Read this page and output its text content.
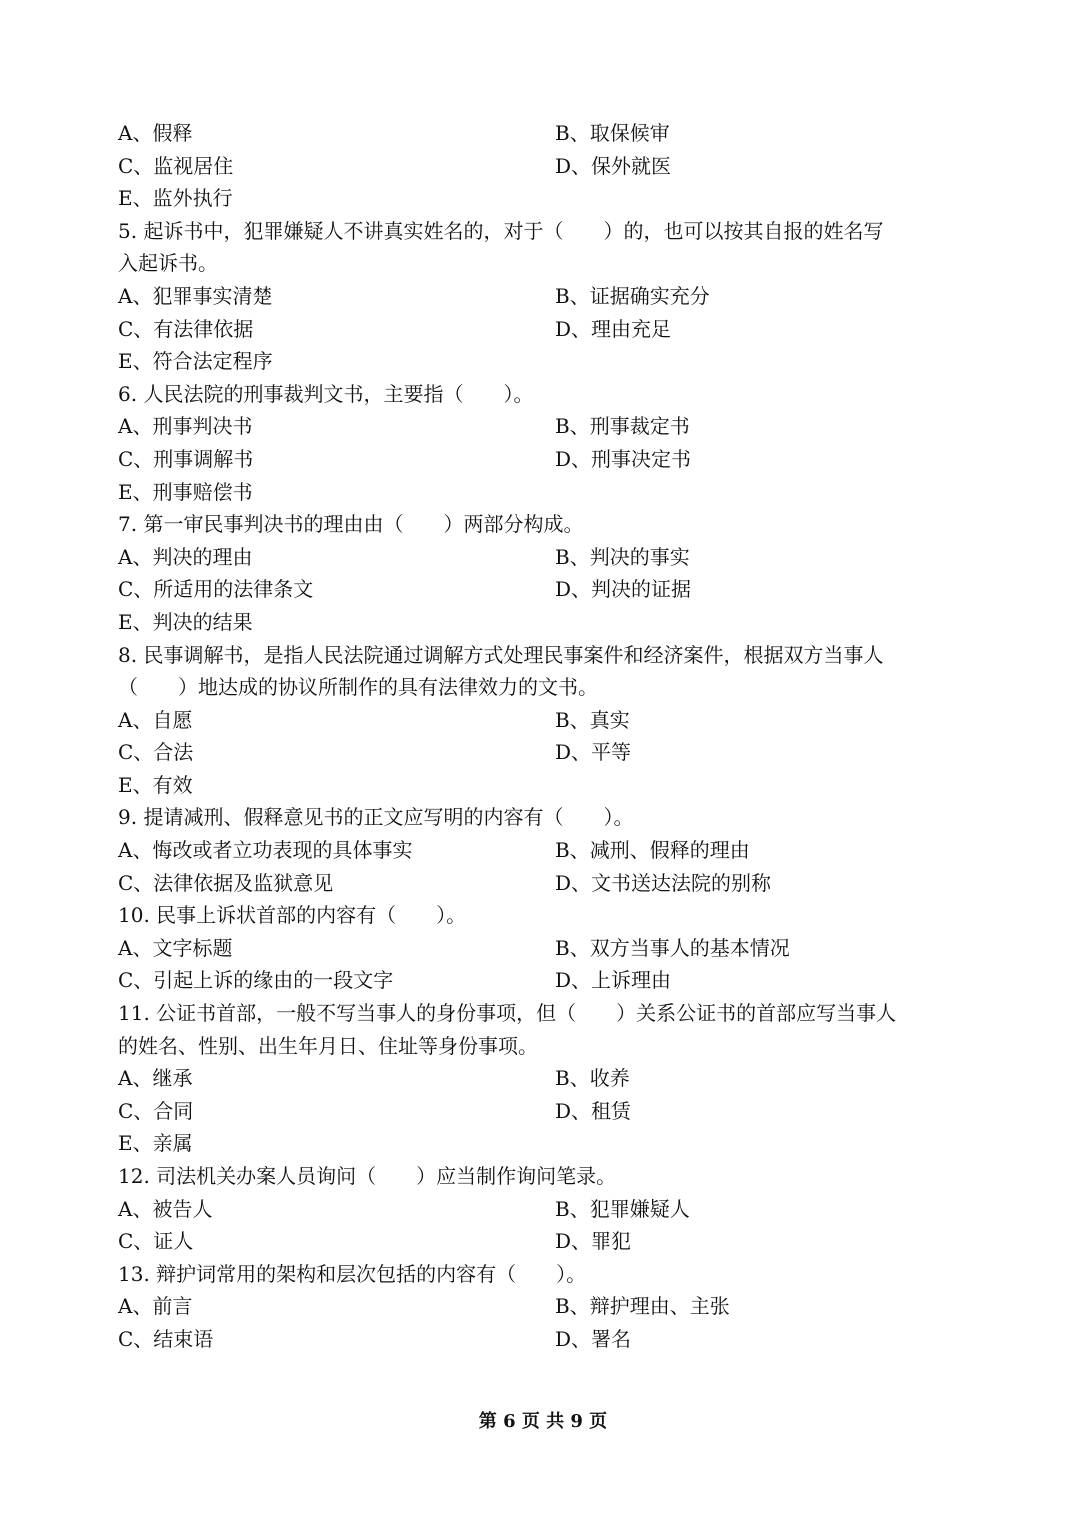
A、假释	B、取保候审
C、监视居住	D、保外就医
E、监外执行
5. 起诉书中，犯罪嫌疑人不讲真实姓名的，对于（　　）的，也可以按其自报的姓名写
入起诉书。
A、犯罪事实清楚	B、证据确实充分
C、有法律依据	D、理由充足
E、符合法定程序
6. 人民法院的刑事裁判文书，主要指（　　）。
A、刑事判决书	B、刑事裁定书
C、刑事调解书	D、刑事决定书
E、刑事赔偿书
7. 第一审民事判决书的理由由（　　）两部分构成。
A、判决的理由	B、判决的事实
C、所适用的法律条文	D、判决的证据
E、判决的结果
8. 民事调解书，是指人民法院通过调解方式处理民事案件和经济案件，根据双方当事人
（　　）地达成的协议所制作的具有法律效力的文书。
A、自愿	B、真实
C、合法	D、平等
E、有效
9. 提请减刑、假释意见书的正文应写明的内容有（　　）。
A、悔改或者立功表现的具体事实	B、减刑、假释的理由
C、法律依据及监狱意见	D、文书送达法院的别称
10. 民事上诉状首部的内容有（　　）。
A、文字标题	B、双方当事人的基本情况
C、引起上诉的缘由的一段文字	D、上诉理由
11. 公证书首部，一般不写当事人的身份事项，但（　　）关系公证书的首部应写当事人
的姓名、性别、出生年月日、住址等身份事项。
A、继承	B、收养
C、合同	D、租赁
E、亲属
12. 司法机关办案人员询问（　　）应当制作询问笔录。
A、被告人	B、犯罪嫌疑人
C、证人	D、罪犯
13. 辩护词常用的架构和层次包括的内容有（　　）。
A、前言	B、辩护理由、主张
C、结束语	D、署名
第 6 页 共 9 页
